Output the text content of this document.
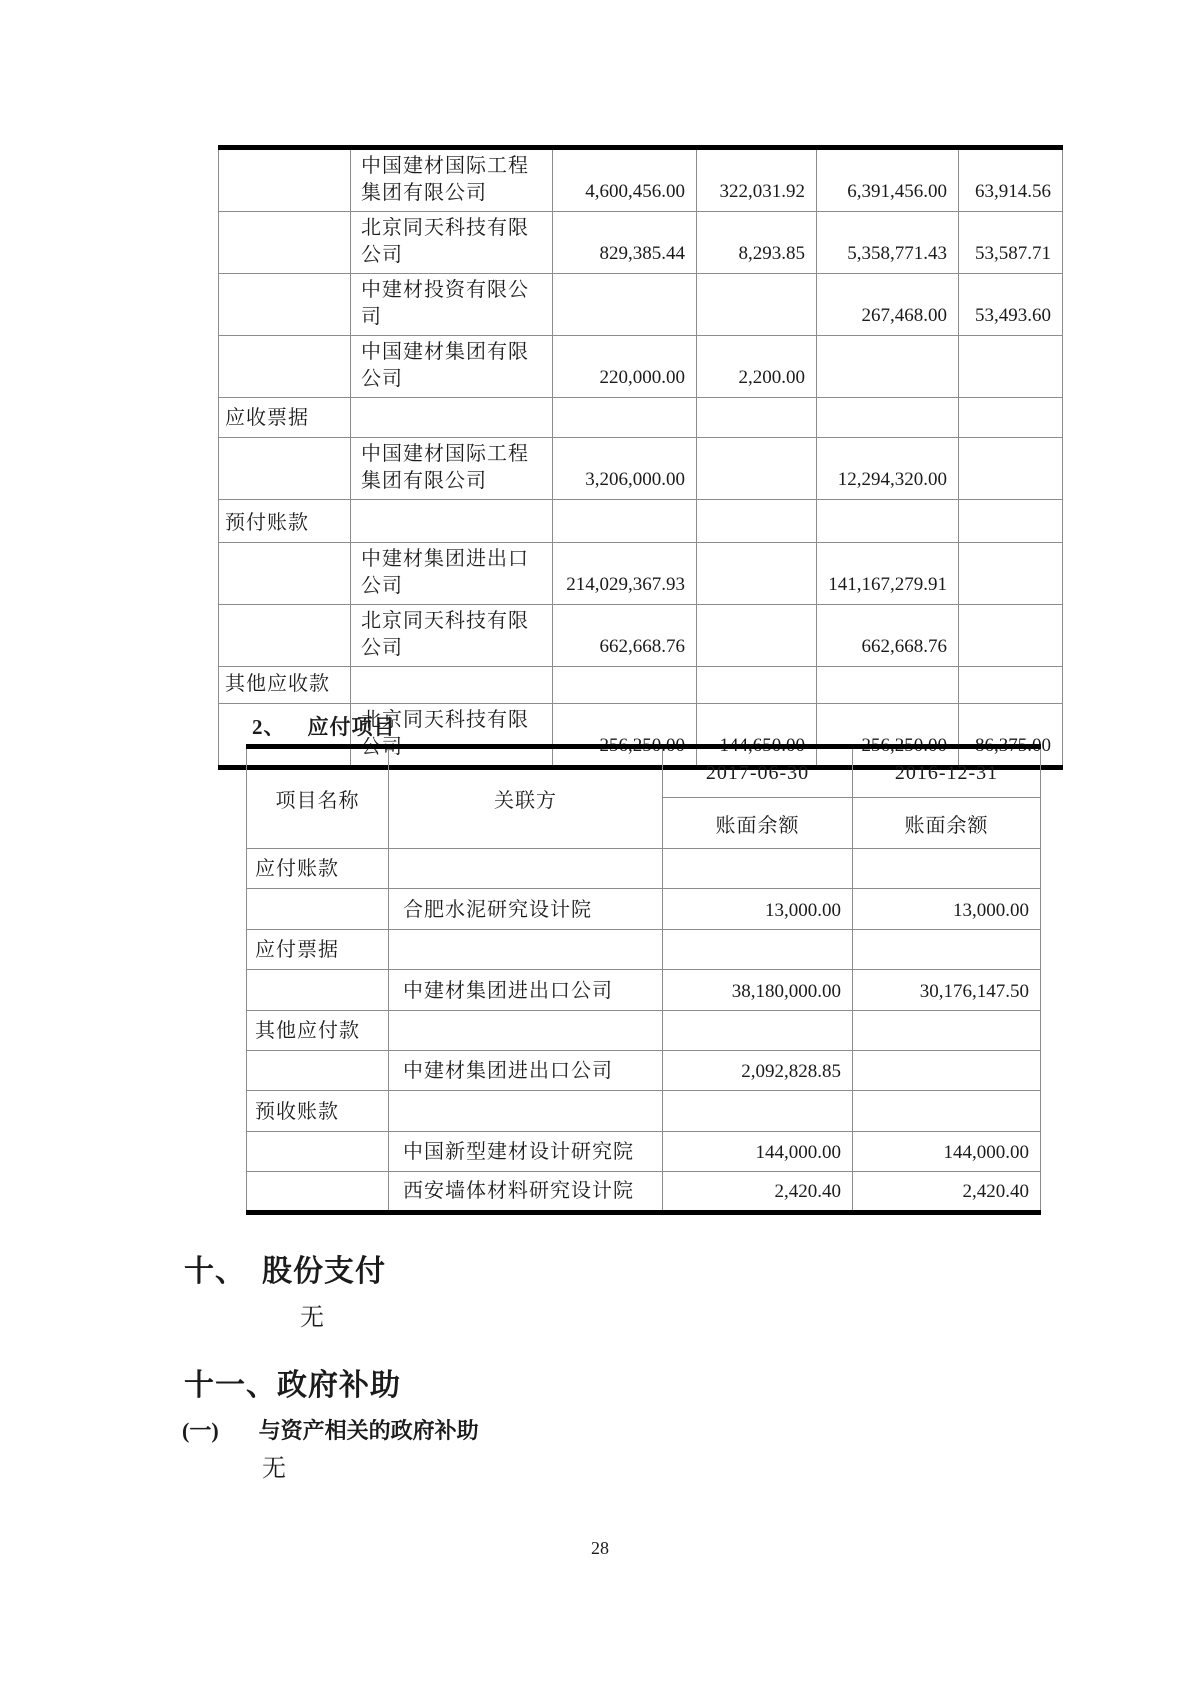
	中国建材国际工程集团有限公司	4,600,456.00	322,031.92	6,391,456.00	63,914.56
	北京同天科技有限公司	829,385.44	8,293.85	5,358,771.43	53,587.71
	中建材投资有限公司			267,468.00	53,493.60
	中国建材集团有限公司	220,000.00	2,200.00		
应收票据					
	中国建材国际工程集团有限公司	3,206,000.00		12,294,320.00	
预付账款					
	中建材集团进出口公司	214,029,367.93		141,167,279.91	
	北京同天科技有限公司	662,668.76		662,668.76	
其他应收款					
	北京同天科技有限公司	256,250.00	144,650.00	256,250.00	86,375.00
2、 应付项目
项目名称	关联方	2017-06-30	2016-12-31
		账面余额	账面余额
应付账款			
	合肥水泥研究设计院	13,000.00	13,000.00
应付票据			
	中建材集团进出口公司	38,180,000.00	30,176,147.50
其他应付款			
	中建材集团进出口公司	2,092,828.85	
预收账款			
	中国新型建材设计研究院	144,000.00	144,000.00
	西安墙体材料研究设计院	2,420.40	2,420.40
十、 股份支付
无
十一、政府补助
(一) 与资产相关的政府补助
无
28
